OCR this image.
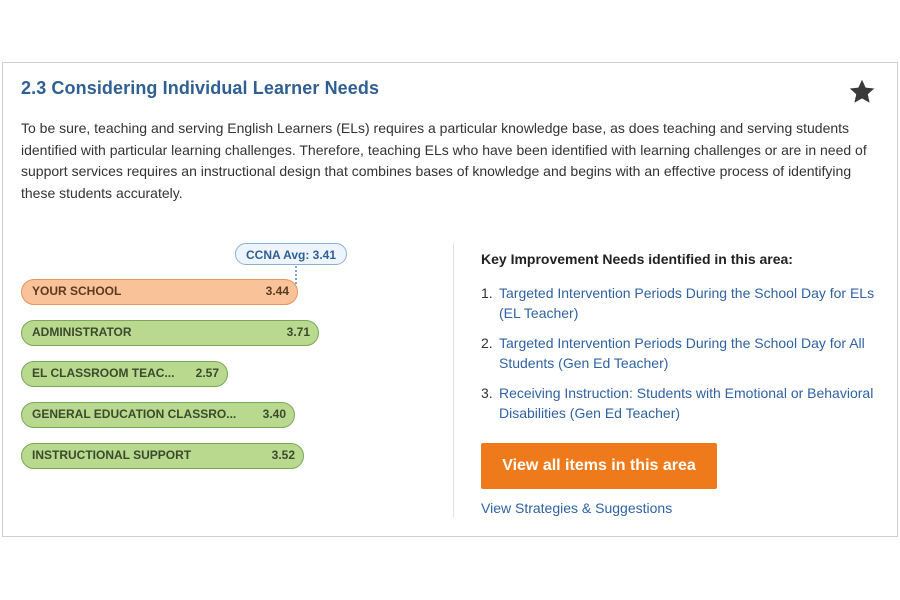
2.3 Considering Individual Learner Needs

To be sure, teaching and serving English Learners (ELs) requires a particular knowledge base, as does teaching and serving students identified with particular learning challenges. Therefore, teaching ELs who have been identified with learning challenges or are in need of support services requires an instructional design that combines bases of knowledge and begins with an effective process of identifying these students accurately.

CCNA Avg: 3.41
YOUR SCHOOL	3.44
ADMINISTRATOR	3.71
EL CLASSROOM TEAC... 2.57
GENERAL EDUCATION CLASSRO... 3.40
INSTRUCTIONAL SUPPORT	3.52
Key Improvement Needs identified in this area:
1. Targeted Intervention Periods During the School Day for ELs (EL Teacher)
2. Targeted Intervention Periods During the School Day for All Students (Gen Ed Teacher)
3. Receiving Instruction: Students with Emotional or Behavioral Disabilities (Gen Ed Teacher)
View all items in this area
View Strategies & Suggestions
